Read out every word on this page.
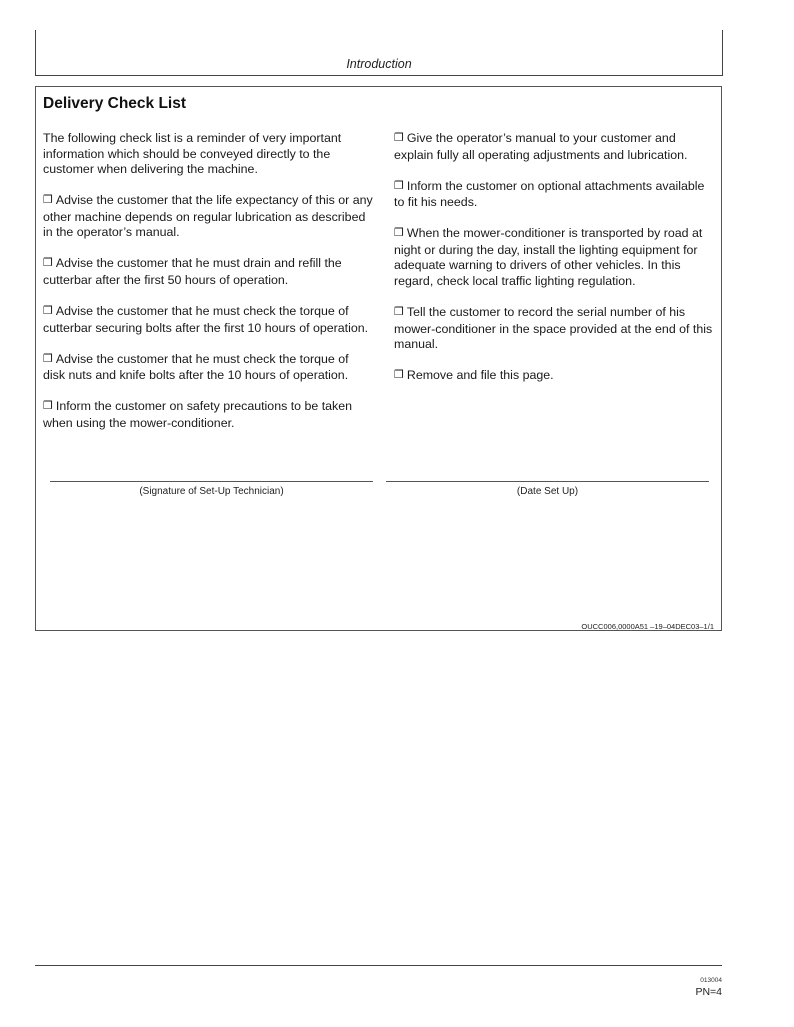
Introduction
Delivery Check List

The following check list is a reminder of very important information which should be conveyed directly to the customer when delivering the machine.

❒ Advise the customer that the life expectancy of this or any other machine depends on regular lubrication as described in the operator’s manual.

❒ Advise the customer that he must drain and refill the cutterbar after the first 50 hours of operation.

❒ Advise the customer that he must check the torque of cutterbar securing bolts after the first 10 hours of operation.

❒ Advise the customer that he must check the torque of disk nuts and knife bolts after the 10 hours of operation.

❒ Inform the customer on safety precautions to be taken when using the mower-conditioner.

❒ Give the operator’s manual to your customer and explain fully all operating adjustments and lubrication.

❒ Inform the customer on optional attachments available to fit his needs.

❒ When the mower-conditioner is transported by road at night or during the day, install the lighting equipment for adequate warning to drivers of other vehicles. In this regard, check local traffic lighting regulation.

❒ Tell the customer to record the serial number of his mower-conditioner in the space provided at the end of this manual.

❒ Remove and file this page.

(Signature of Set-Up Technician)	(Date Set Up)
OUCC006,0000A51 –19–04DEC03–1/1
013004
PN=4
